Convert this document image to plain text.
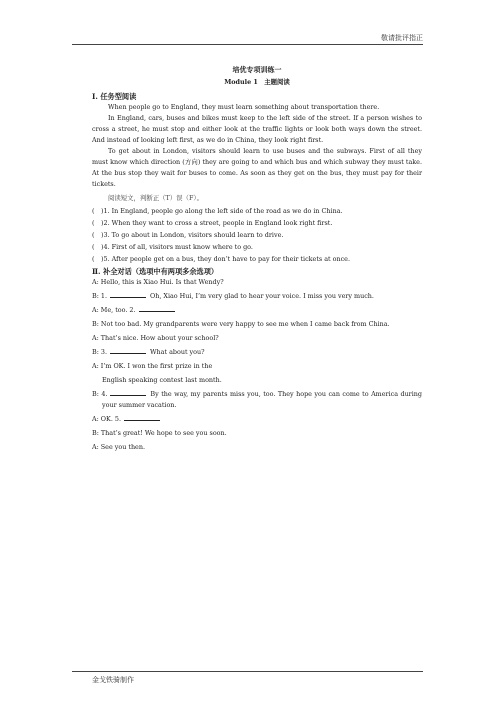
敬请批评指正
培优专项训练一
Module 1　主题阅读
Ⅰ. 任务型阅读

When people go to England, they must learn something about transportation there.

In England, cars, buses and bikes must keep to the left side of the street. If a person wishes to cross a street, he must stop and either look at the traffic lights or look both ways down the street. And instead of looking left first, as we do in China, they look right first.

To get about in London, visitors should learn to use buses and the subways. First of all they must know which direction (方向) they are going to and which bus and which subway they must take. At the bus stop they wait for buses to come. As soon as they get on the bus, they must pay for their tickets.

阅读短文，判断正（T）误（F）。

( )1. In England, people go along the left side of the road as we do in China.
( )2. When they want to cross a street, people in England look right first.
( )3. To go about in London, visitors should learn to drive.
( )4. First of all, visitors must know where to go.
( )5. After people get on a bus, they don’t have to pay for their tickets at once.
Ⅱ. 补全对话（选项中有两项多余选项）
A: Hello, this is Xiao Hui. Is that Wendy?
B: 1.	Oh, Xiao Hui, I’m very glad to hear your voice. I miss you very much.
A: Me, too. 2.
B: Not too bad. My grandparents were very happy to see me when I came back from China.
A: That’s nice. How about your school?
B: 3.	What about you?
A: I’m OK. I won the first prize in the
English speaking contest last month.
B: 4.	By the way, my parents miss you, too. They hope you can come to America during your summer vacation.
A: OK. 5.
B: That’s great! We hope to see you soon.
A: See you then.
金戈铁骑制作
